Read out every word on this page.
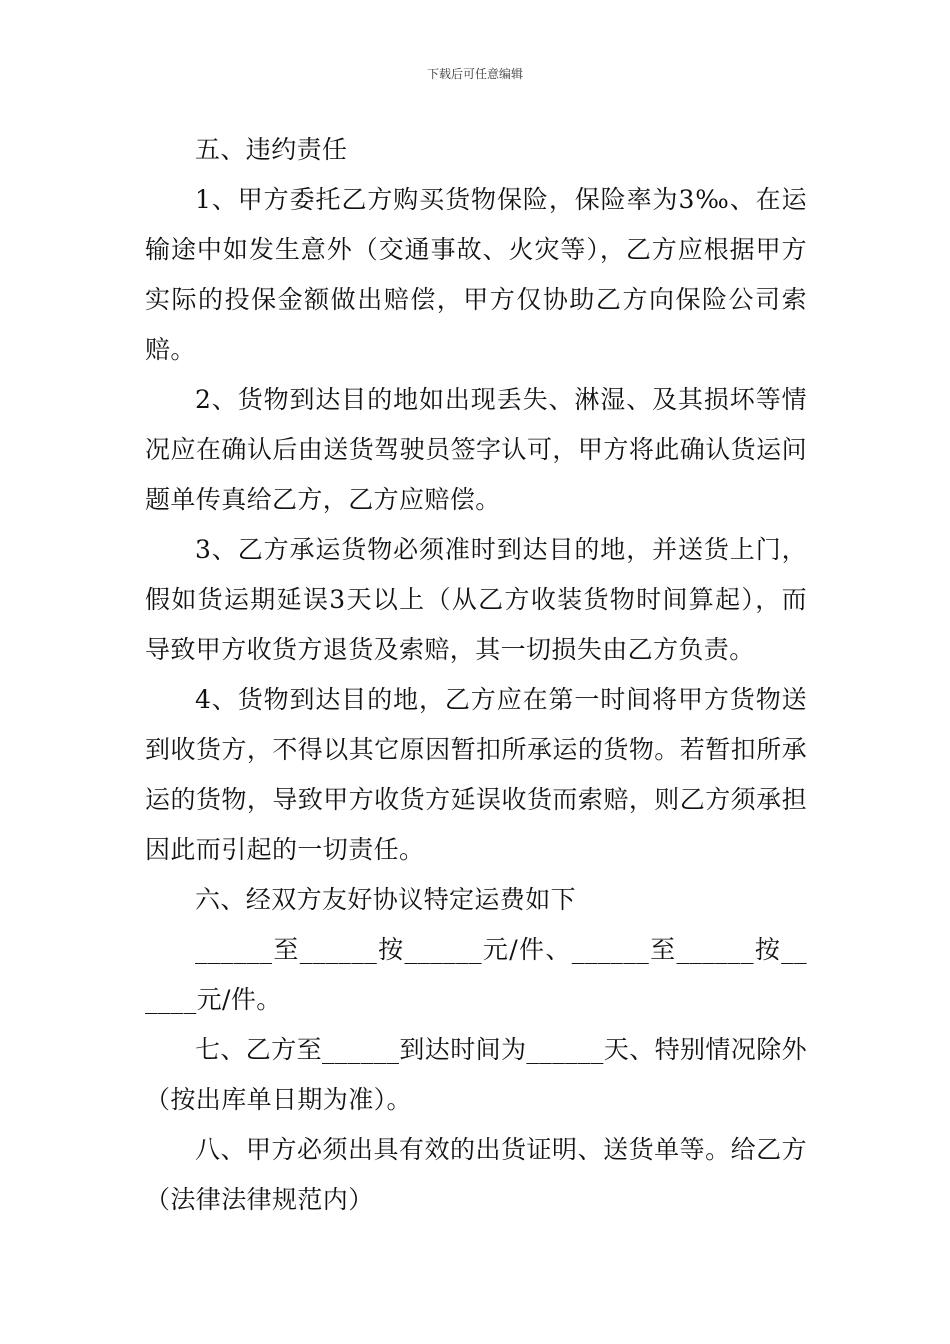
下载后可任意编辑

五、违约责任

1、甲方委托乙方购买货物保险，保险率为3‰、在运输途中如发生意外（交通事故、火灾等），乙方应根据甲方实际的投保金额做出赔偿，甲方仅协助乙方向保险公司索赔。

2、货物到达目的地如出现丢失、淋湿、及其损坏等情况应在确认后由送货驾驶员签字认可，甲方将此确认货运问题单传真给乙方，乙方应赔偿。

3、乙方承运货物必须准时到达目的地，并送货上门，假如货运期延误3天以上（从乙方收装货物时间算起），而导致甲方收货方退货及索赔，其一切损失由乙方负责。

4、货物到达目的地，乙方应在第一时间将甲方货物送到收货方，不得以其它原因暂扣所承运的货物。若暂扣所承运的货物，导致甲方收货方延误收货而索赔，则乙方须承担因此而引起的一切责任。

六、经双方友好协议特定运费如下

______至______按______元/件、______至______按______元/件。

七、乙方至______到达时间为______天、特别情况除外（按出库单日期为准）。

八、甲方必须出具有效的出货证明、送货单等。给乙方（法律法律规范内）
